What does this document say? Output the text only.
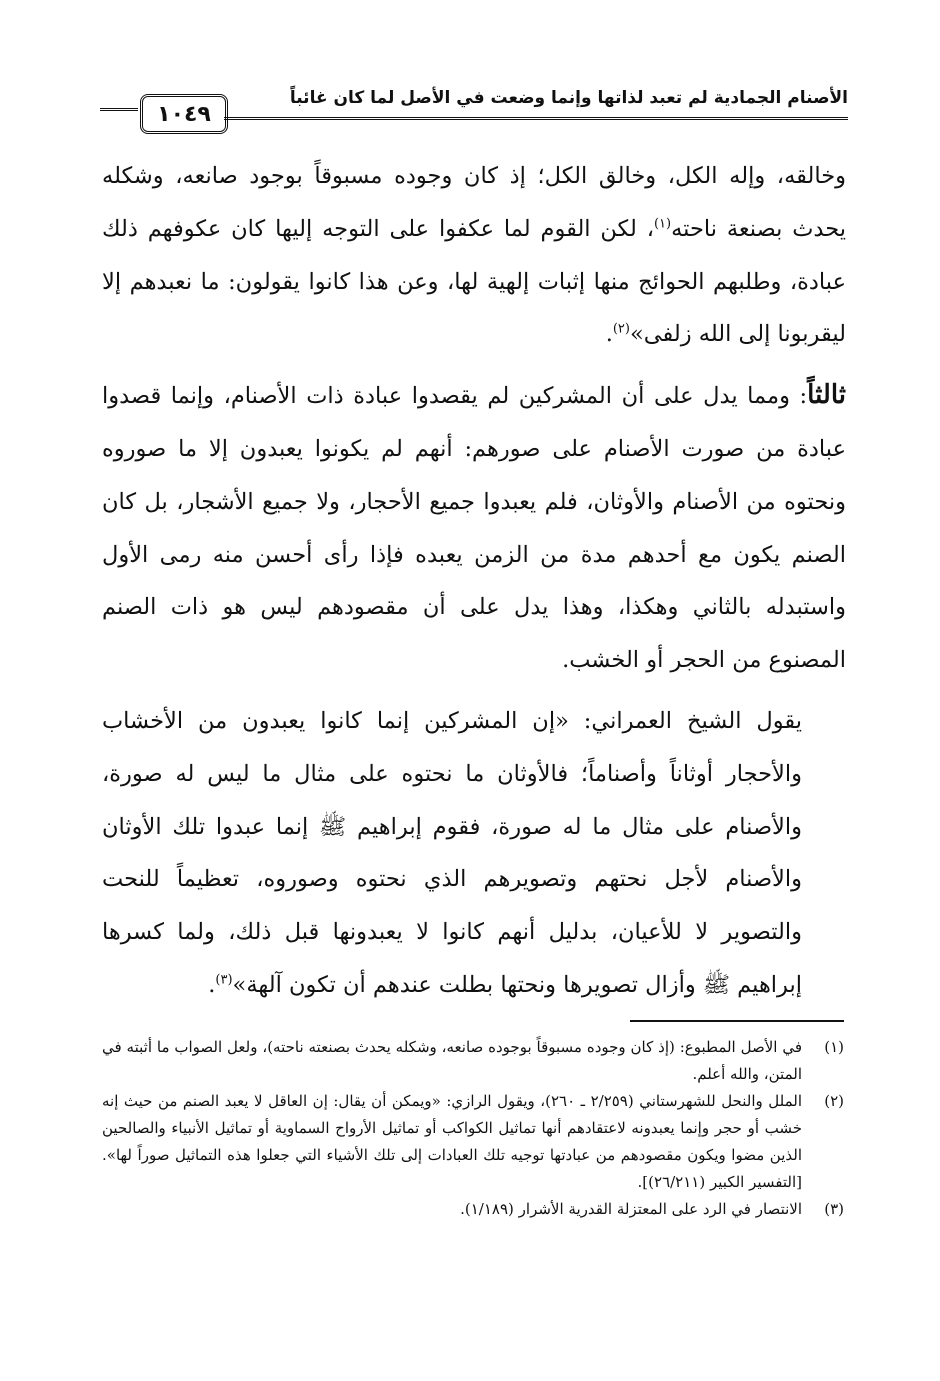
١٠٤٩
الأصنام الجمادية لم تعبد لذاتها وإنما وضعت في الأصل لما كان غائباً

وخالقه، وإله الكل، وخالق الكل؛ إذ كان وجوده مسبوقاً بوجود صانعه، وشكله يحدث بصنعة ناحته$^{(١)}$، لكن القوم لما عكفوا على التوجه إليها كان عكوفهم ذلك عبادة، وطلبهم الحوائج منها إثبات إلهية لها، وعن هذا كانوا يقولون: ما نعبدهم إلا ليقربونا إلى الله زلفى»$^{(٢)}$.

ثالثاً: ومما يدل على أن المشركين لم يقصدوا عبادة ذات الأصنام، وإنما قصدوا عبادة من صورت الأصنام على صورهم: أنهم لم يكونوا يعبدون إلا ما صوروه ونحتوه من الأصنام والأوثان، فلم يعبدوا جميع الأحجار، ولا جميع الأشجار، بل كان الصنم يكون مع أحدهم مدة من الزمن يعبده فإذا رأى أحسن منه رمى الأول واستبدله بالثاني وهكذا، وهذا يدل على أن مقصودهم ليس هو ذات الصنم المصنوع من الحجر أو الخشب.

يقول الشيخ العمراني: «إن المشركين إنما كانوا يعبدون من الأخشاب والأحجار أوثاناً وأصناماً؛ فالأوثان ما نحتوه على مثال ما ليس له صورة، والأصنام على مثال ما له صورة، فقوم إبراهيم ﷺ إنما عبدوا تلك الأوثان والأصنام لأجل نحتهم وتصويرهم الذي نحتوه وصوروه، تعظيماً للنحت والتصوير لا للأعيان، بدليل أنهم كانوا لا يعبدونها قبل ذلك، ولما كسرها إبراهيم ﷺ وأزال تصويرها ونحتها بطلت عندهم أن تكون آلهة»$^{(٣)}$.

(١)
في الأصل المطبوع: (إذ كان وجوده مسبوقاً بوجوده صانعه، وشكله يحدث بصنعته ناحته)، ولعل الصواب ما أثبته في المتن، والله أعلم.
(٢)
الملل والنحل للشهرستاني (٢/٢٥٩ ـ ٢٦٠)، ويقول الرازي: «ويمكن أن يقال: إن العاقل لا يعبد الصنم من حيث إنه خشب أو حجر وإنما يعبدونه لاعتقادهم أنها تماثيل الكواكب أو تماثيل الأرواح السماوية أو تماثيل الأنبياء والصالحين الذين مضوا ويكون مقصودهم من عبادتها توجيه تلك العبادات إلى تلك الأشياء التي جعلوا هذه التماثيل صوراً لها». [التفسير الكبير (٢٦/٢١١)].
(٣)
الانتصار في الرد على المعتزلة القدرية الأشرار (١/١٨٩).
